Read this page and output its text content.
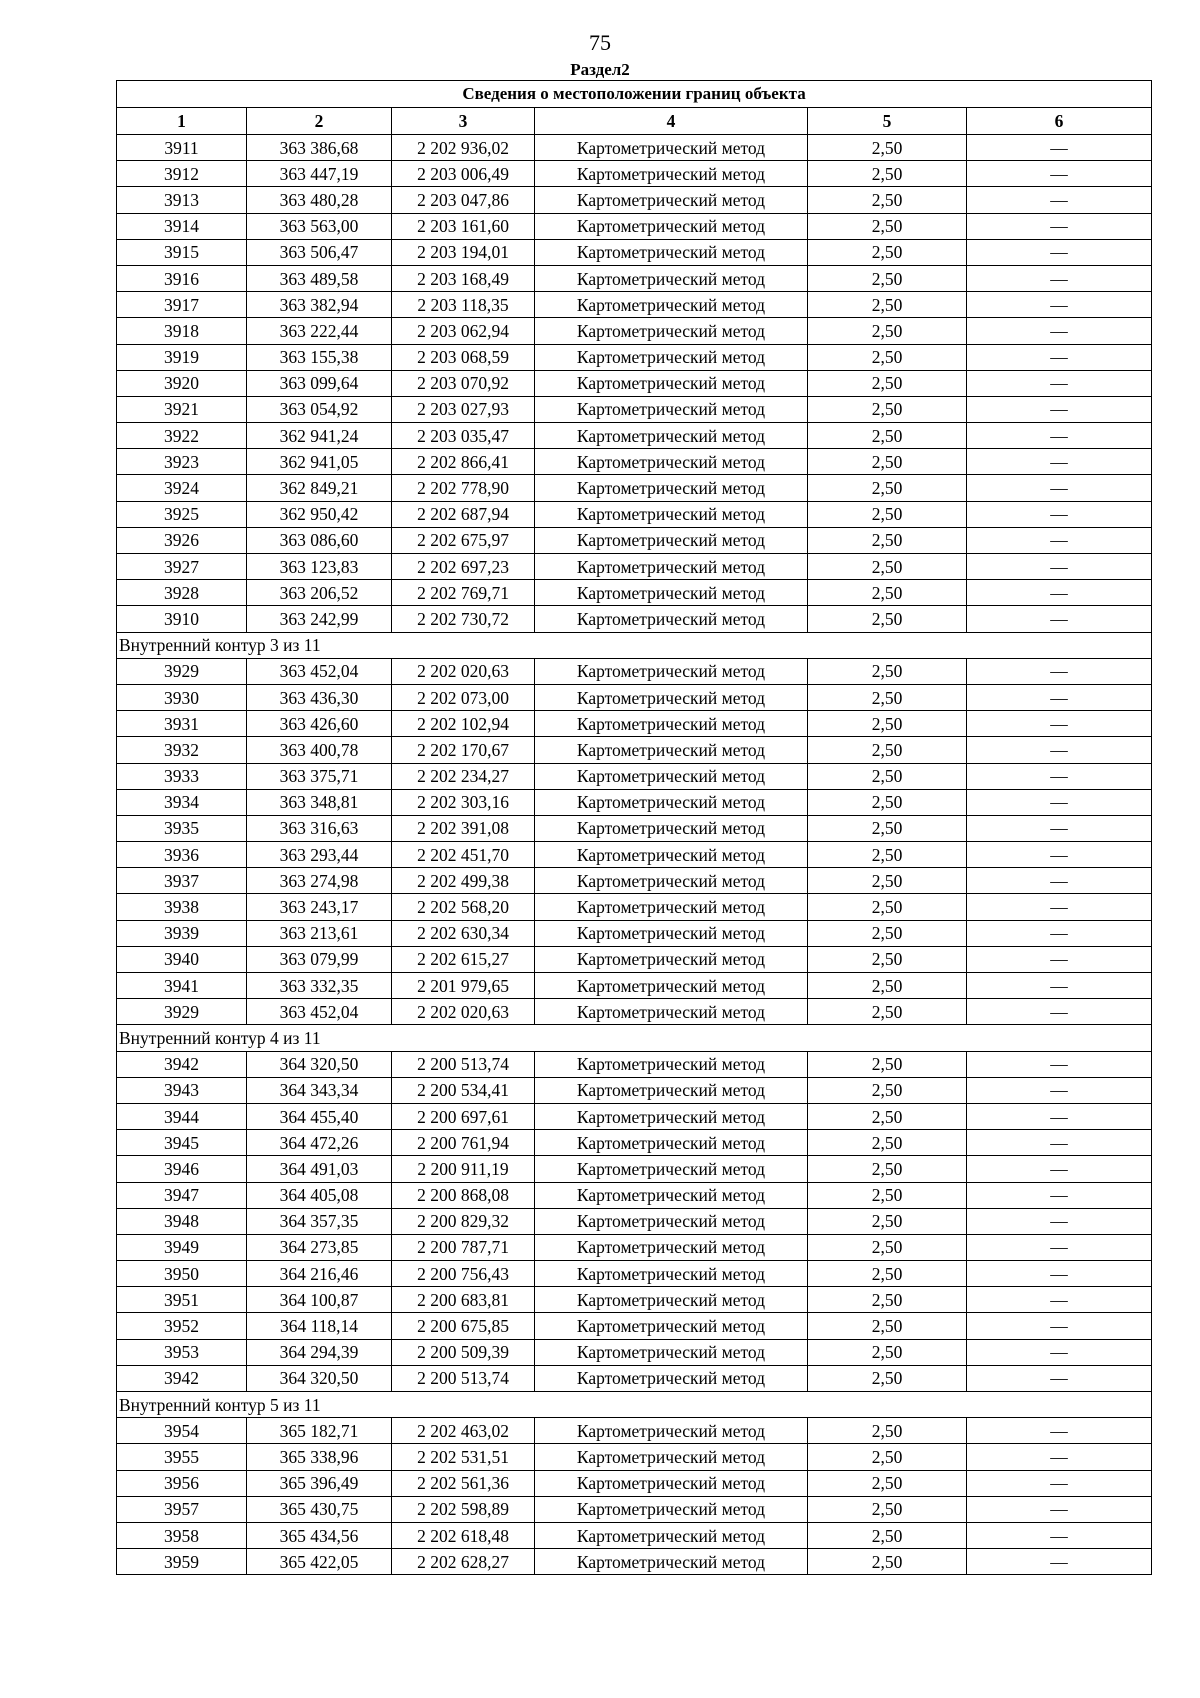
75
Раздел2
Сведения о местоположении границ объекта					
1	2	3	4	5	6
3911	363 386,68	2 202 936,02	Картометрический метод	2,50	—
3912	363 447,19	2 203 006,49	Картометрический метод	2,50	—
3913	363 480,28	2 203 047,86	Картометрический метод	2,50	—
3914	363 563,00	2 203 161,60	Картометрический метод	2,50	—
3915	363 506,47	2 203 194,01	Картометрический метод	2,50	—
3916	363 489,58	2 203 168,49	Картометрический метод	2,50	—
3917	363 382,94	2 203 118,35	Картометрический метод	2,50	—
3918	363 222,44	2 203 062,94	Картометрический метод	2,50	—
3919	363 155,38	2 203 068,59	Картометрический метод	2,50	—
3920	363 099,64	2 203 070,92	Картометрический метод	2,50	—
3921	363 054,92	2 203 027,93	Картометрический метод	2,50	—
3922	362 941,24	2 203 035,47	Картометрический метод	2,50	—
3923	362 941,05	2 202 866,41	Картометрический метод	2,50	—
3924	362 849,21	2 202 778,90	Картометрический метод	2,50	—
3925	362 950,42	2 202 687,94	Картометрический метод	2,50	—
3926	363 086,60	2 202 675,97	Картометрический метод	2,50	—
3927	363 123,83	2 202 697,23	Картометрический метод	2,50	—
3928	363 206,52	2 202 769,71	Картометрический метод	2,50	—
3910	363 242,99	2 202 730,72	Картометрический метод	2,50	—
Внутренний контур 3 из 11					
3929	363 452,04	2 202 020,63	Картометрический метод	2,50	—
3930	363 436,30	2 202 073,00	Картометрический метод	2,50	—
3931	363 426,60	2 202 102,94	Картометрический метод	2,50	—
3932	363 400,78	2 202 170,67	Картометрический метод	2,50	—
3933	363 375,71	2 202 234,27	Картометрический метод	2,50	—
3934	363 348,81	2 202 303,16	Картометрический метод	2,50	—
3935	363 316,63	2 202 391,08	Картометрический метод	2,50	—
3936	363 293,44	2 202 451,70	Картометрический метод	2,50	—
3937	363 274,98	2 202 499,38	Картометрический метод	2,50	—
3938	363 243,17	2 202 568,20	Картометрический метод	2,50	—
3939	363 213,61	2 202 630,34	Картометрический метод	2,50	—
3940	363 079,99	2 202 615,27	Картометрический метод	2,50	—
3941	363 332,35	2 201 979,65	Картометрический метод	2,50	—
3929	363 452,04	2 202 020,63	Картометрический метод	2,50	—
Внутренний контур 4 из 11					
3942	364 320,50	2 200 513,74	Картометрический метод	2,50	—
3943	364 343,34	2 200 534,41	Картометрический метод	2,50	—
3944	364 455,40	2 200 697,61	Картометрический метод	2,50	—
3945	364 472,26	2 200 761,94	Картометрический метод	2,50	—
3946	364 491,03	2 200 911,19	Картометрический метод	2,50	—
3947	364 405,08	2 200 868,08	Картометрический метод	2,50	—
3948	364 357,35	2 200 829,32	Картометрический метод	2,50	—
3949	364 273,85	2 200 787,71	Картометрический метод	2,50	—
3950	364 216,46	2 200 756,43	Картометрический метод	2,50	—
3951	364 100,87	2 200 683,81	Картометрический метод	2,50	—
3952	364 118,14	2 200 675,85	Картометрический метод	2,50	—
3953	364 294,39	2 200 509,39	Картометрический метод	2,50	—
3942	364 320,50	2 200 513,74	Картометрический метод	2,50	—
Внутренний контур 5 из 11					
3954	365 182,71	2 202 463,02	Картометрический метод	2,50	—
3955	365 338,96	2 202 531,51	Картометрический метод	2,50	—
3956	365 396,49	2 202 561,36	Картометрический метод	2,50	—
3957	365 430,75	2 202 598,89	Картометрический метод	2,50	—
3958	365 434,56	2 202 618,48	Картометрический метод	2,50	—
3959	365 422,05	2 202 628,27	Картометрический метод	2,50	—
